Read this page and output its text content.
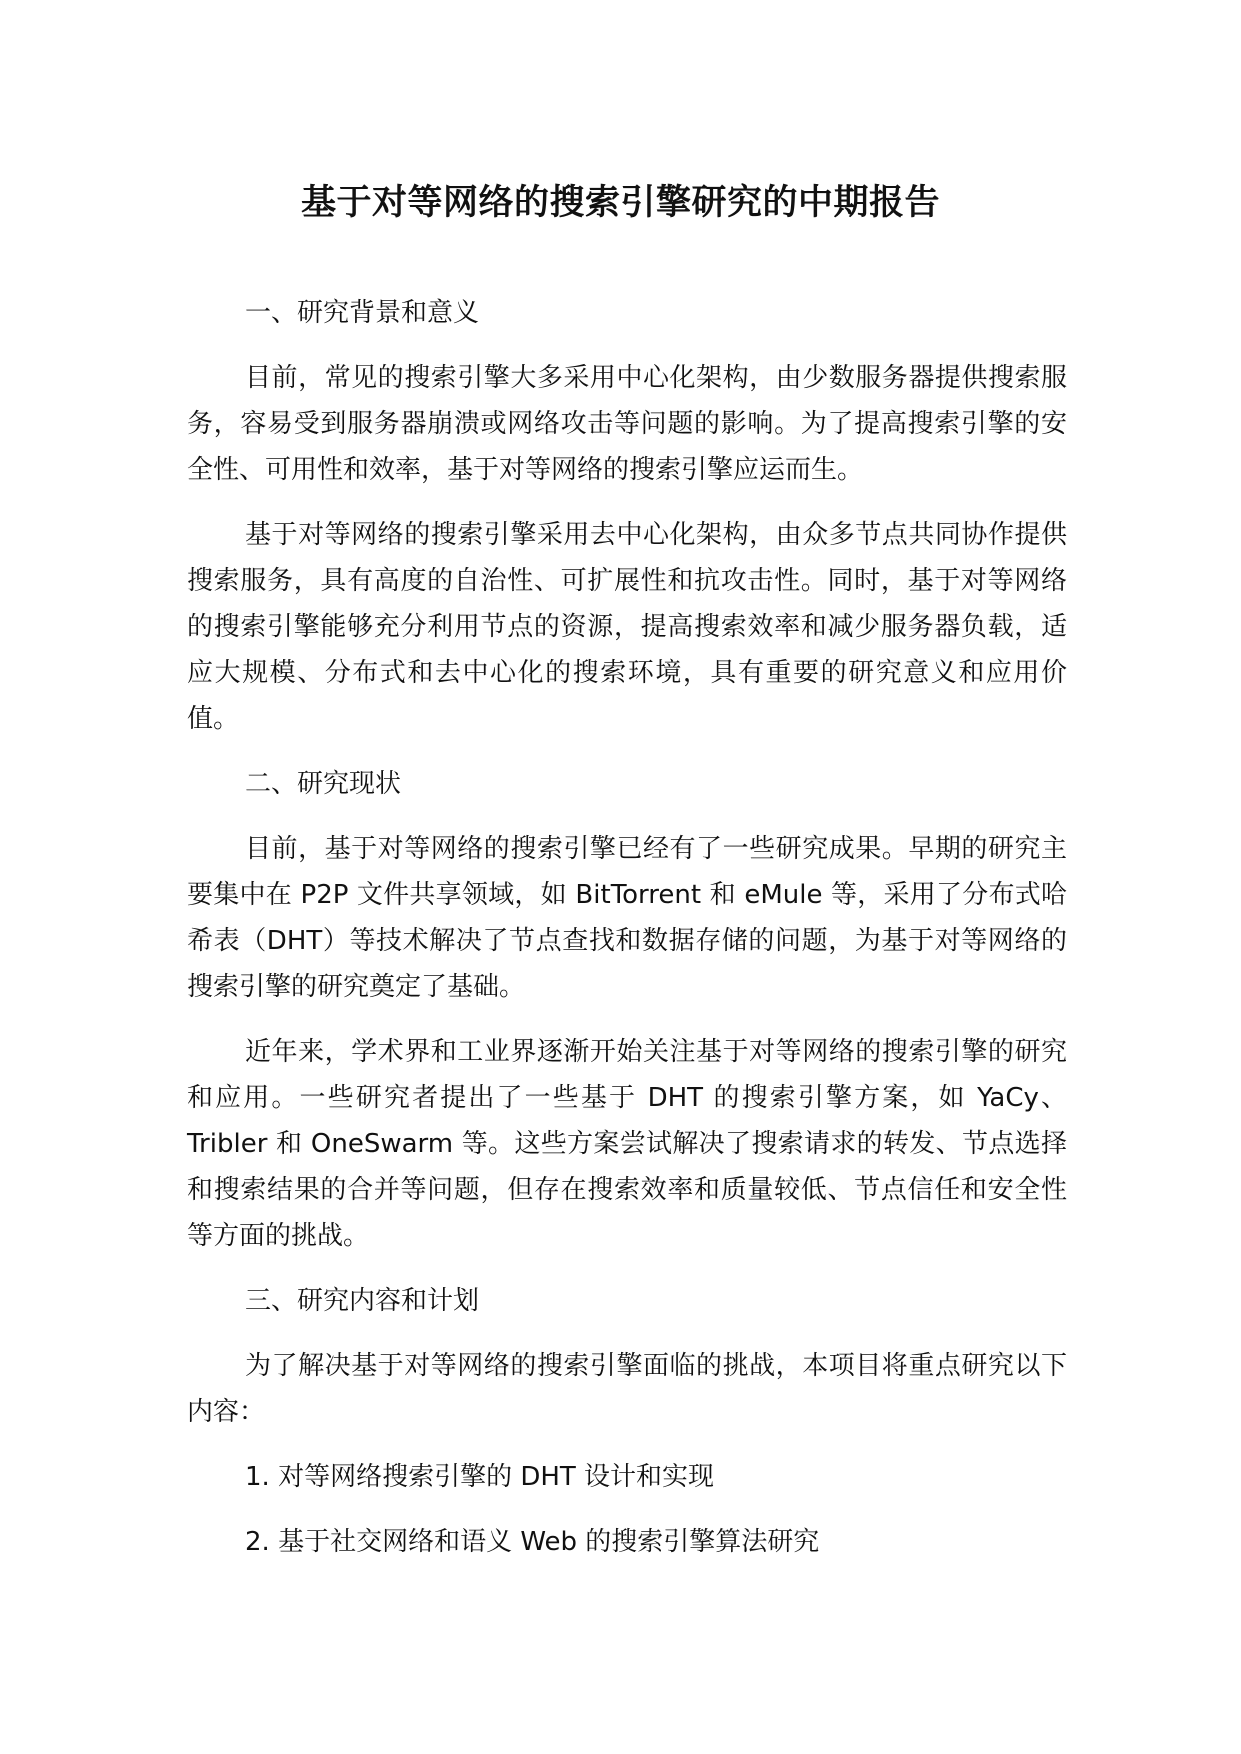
基于对等网络的搜索引擎研究的中期报告

一、研究背景和意义

目前，常见的搜索引擎大多采用中心化架构，由少数服务器提供搜索服务，容易受到服务器崩溃或网络攻击等问题的影响。为了提高搜索引擎的安全性、可用性和效率，基于对等网络的搜索引擎应运而生。

基于对等网络的搜索引擎采用去中心化架构，由众多节点共同协作提供搜索服务，具有高度的自治性、可扩展性和抗攻击性。同时，基于对等网络的搜索引擎能够充分利用节点的资源，提高搜索效率和减少服务器负载，适应大规模、分布式和去中心化的搜索环境，具有重要的研究意义和应用价值。

二、研究现状

目前，基于对等网络的搜索引擎已经有了一些研究成果。早期的研究主要集中在 P2P 文件共享领域，如 BitTorrent 和 eMule 等，采用了分布式哈希表（DHT）等技术解决了节点查找和数据存储的问题，为基于对等网络的搜索引擎的研究奠定了基础。

近年来，学术界和工业界逐渐开始关注基于对等网络的搜索引擎的研究和应用。一些研究者提出了一些基于 DHT 的搜索引擎方案，如 YaCy、Tribler 和 OneSwarm 等。这些方案尝试解决了搜索请求的转发、节点选择和搜索结果的合并等问题，但存在搜索效率和质量较低、节点信任和安全性等方面的挑战。

三、研究内容和计划

为了解决基于对等网络的搜索引擎面临的挑战，本项目将重点研究以下内容：

1. 对等网络搜索引擎的 DHT 设计和实现

2. 基于社交网络和语义 Web 的搜索引擎算法研究
